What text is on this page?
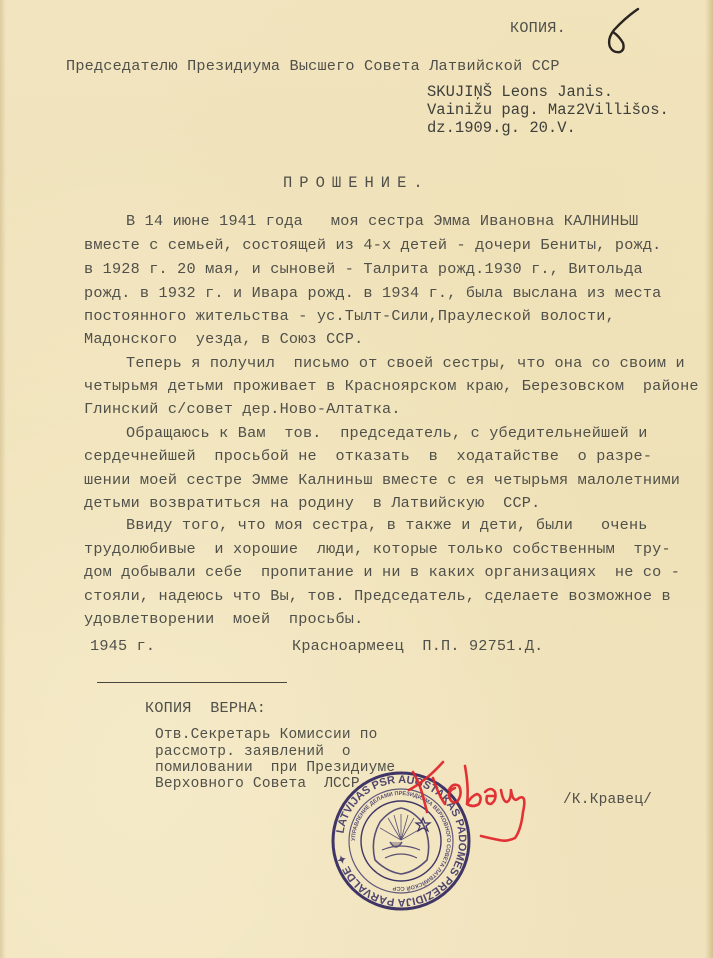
КОПИЯ.
Председателю Президиума Высшего Совета Латвийской ССР
SKUJIŅŠ Leons Janis.
Vainižu pag. Maz2Villišos.
dz.1909.g. 20.V.
ПРОШЕНИЕ.
В 14 июне 1941 года   моя сестра Эмма Ивановна КАЛНИНЬШ
вместе с семьей, состоящей из 4-х детей - дочери Бениты, рожд.
в 1928 г. 20 мая, и сыновей - Талрита рожд.1930 г., Витольда
рожд. в 1932 г. и Ивара рожд. в 1934 г., была выслана из места
постоянного жительства - ус.Тылт-Сили,Праулеской волости,
Мадонского  уезда, в Союз ССР.
Теперь я получил  письмо от своей сестры, что она со своим и
четырьмя детьми проживает в Красноярском краю, Березовском  районе
Глинский с/совет дер.Ново-Алтатка.
Обращаюсь к Вам  тов.  председатель, с убедительнейшей и
сердечнейшей  просьбой не  отказать  в  ходатайстве  о разре-
шении моей сестре Эмме Калниньш вместе с ея четырьмя малолетними
детьми возвратиться на родину  в Латвийскую  ССР.
Ввиду того, что моя сестра, в также и дети, были   очень
трудолюбивые  и хорошие  люди, которые только собственным  тру-
дом добывали себе  пропитание и ни в каких организациях  не со -
стояли, надеюсь что Вы, тов. Председатель, сделаете возможное в
удовлетворении  моей  просьбы.
1945 г.	Красноармеец  П.П. 92751.Д.
КОПИЯ  ВЕРНА:
Отв.Секретарь Комиссии по
рассмотр. заявлений  о
помиловании  при Президиуме
Верховного Совета  ЛССР
/К.Кравец/
LATVIJAS PSR AUGSTĀKĀS PADOMES PREZIDIJA PĀRVALDE ✦
УПРАВЛЕНИЕ ДЕЛАМИ ПРЕЗИДИУМА ВЕРХОВНОГО СОВЕТА ЛАТВИЙСКОЙ ССР
